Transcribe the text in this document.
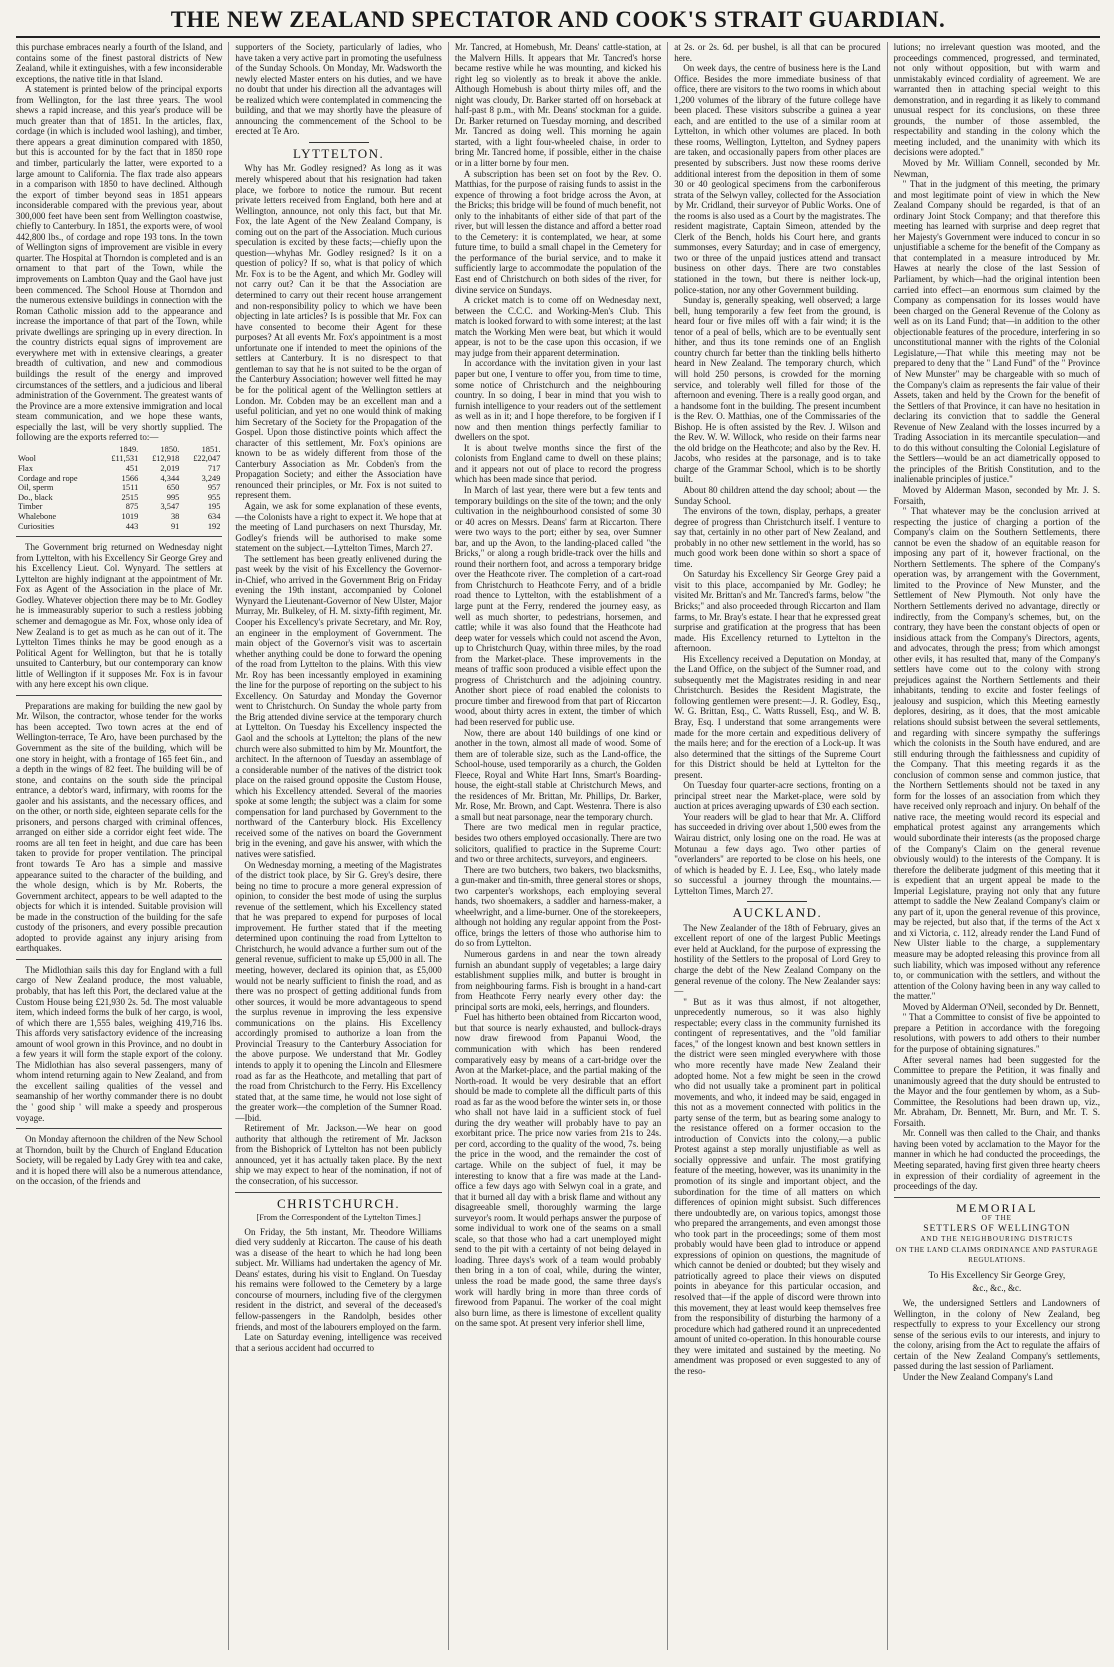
THE NEW ZEALAND SPECTATOR AND COOK'S STRAIT GUARDIAN.

this purchase embraces nearly a fourth of the Island, and contains some of the finest pastoral districts of New Zealand, while it extinguishes, with a few inconsiderable exceptions, the native title in that Island.

A statement is printed below of the principal exports from Wellington, for the last three years. The wool shews a rapid increase, and this year's produce will be much greater than that of 1851. In the articles, flax, cordage (in which is included wool lashing), and timber, there appears a great diminution compared with 1850, but this is accounted for by the fact that in 1850 rope and timber, particularly the latter, were exported to a large amount to California. The flax trade also appears in a comparison with 1850 to have declined. Although the export of timber beyond seas in 1851 appears inconsiderable compared with the previous year, about 300,000 feet have been sent from Wellington coastwise, chiefly to Canterbury. In 1851, the exports were, of wool 442,800 lbs., of cordage and rope 193 tons. In the town of Wellington signs of improvement are visible in every quarter. The Hospital at Thorndon is completed and is an ornament to that part of the Town, while the improvements on Lambton Quay and the Gaol have just been commenced. The School House at Thorndon and the numerous extensive buildings in connection with the Roman Catholic mission add to the appearance and increase the importance of that part of the Town, while private dwellings are springing up in every direction. In the country districts equal signs of improvement are everywhere met with in extensive clearings, a greater breadth of cultivation, and new and commodious buildings the result of the energy and improved circumstances of the settlers, and a judicious and liberal administration of the Government. The greatest wants of the Province are a more extensive immigration and local steam communication, and we hope these wants, especially the last, will be very shortly supplied. The following are the exports referred to:—

	1849.	1850.	1851.
Wool	£11,531	£12,918	£22,047
Flax	451	2,019	717
Cordage and rope	1566	4,344	3,249
Oil, sperm	1511	650	957
Do., black	2515	995	955
Timber	875	3,547	195
Whalebone	1019	38	634
Curiosities	443	91	192

The Government brig returned on Wednesday night from Lyttelton, with his Excellency Sir George Grey and his Excellency Lieut. Col. Wynyard. The settlers at Lyttelton are highly indignant at the appointment of Mr. Fox as Agent of the Association in the place of Mr. Godley. Whatever objection there may be to Mr. Godley he is immeasurably superior to such a restless jobbing schemer and demagogue as Mr. Fox, whose only idea of New Zealand is to get as much as he can out of it. The Lyttelton Times thinks he may be good enough as a Political Agent for Wellington, but that he is totally unsuited to Canterbury, but our contemporary can know little of Wellington if it supposes Mr. Fox is in favour with any here except his own clique.

Preparations are making for building the new gaol by Mr. Wilson, the contractor, whose tender for the works has been accepted. Two town acres at the end of Wellington-terrace, Te Aro, have been purchased by the Government as the site of the building, which will be one story in height, with a frontage of 165 feet 6in., and a depth in the wings of 82 feet. The building will be of stone, and contains on the south side the principal entrance, a debtor's ward, infirmary, with rooms for the gaoler and his assistants, and the necessary offices, and on the other, or north side, eighteen separate cells for the prisoners, and persons charged with criminal offences, arranged on either side a corridor eight feet wide. The rooms are all ten feet in height, and due care has been taken to provide for proper ventilation. The principal front towards Te Aro has a simple and massive appearance suited to the character of the building, and the whole design, which is by Mr. Roberts, the Government architect, appears to be well adapted to the objects for which it is intended. Suitable provision will be made in the construction of the building for the safe custody of the prisoners, and every possible precaution adopted to provide against any injury arising from earthquakes.

The Midlothian sails this day for England with a full cargo of New Zealand produce, the most valuable, probably, that has left this Port, the declared value at the Custom House being £21,930 2s. 5d. The most valuable item, which indeed forms the bulk of her cargo, is wool, of which there are 1,555 bales, weighing 419,716 lbs. This affords very satisfactory evidence of the increasing amount of wool grown in this Province, and no doubt in a few years it will form the staple export of the colony. The Midlothian has also several passengers, many of whom intend returning again to New Zealand, and from the excellent sailing qualities of the vessel and seamanship of her worthy commander there is no doubt the ' good ship ' will make a speedy and prosperous voyage.

On Monday afternoon the children of the New School at Thorndon, built by the Church of England Education Society, will be regaled by Lady Grey with tea and cake, and it is hoped there will also be a numerous attendance, on the occasion, of the friends and

supporters of the Society, particularly of ladies, who have taken a very active part in promoting the usefulness of the Sunday Schools. On Monday, Mr. Wadsworth the newly elected Master enters on his duties, and we have no doubt that under his direction all the advantages will be realized which were contemplated in commencing the building, and that we may shortly have the pleasure of announcing the commencement of the School to be erected at Te Aro.

LYTTELTON.

Why has Mr. Godley resigned? As long as it was merely whispered about that his resignation had taken place, we forbore to notice the rumour. But recent private letters received from England, both here and at Wellington, announce, not only this fact, but that Mr. Fox, the late Agent of the New Zealand Company, is coming out on the part of the Association. Much curious speculation is excited by these facts;—chiefly upon the question—whyhas Mr. Godley resigned? Is it on a question of policy? If so, what is that policy of which Mr. Fox is to be the Agent, and which Mr. Godley will not carry out? Can it be that the Association are determined to carry out their recent house arrangement and non-responsibility policy to which we have been objecting in late articles? Is is possible that Mr. Fox can have consented to become their Agent for these purposes? At all events Mr. Fox's appointment is a most unfortunate one if intended to meet the opinions of the settlers at Canterbury. It is no disrespect to that gentleman to say that he is not suited to be the organ of the Canterbury Association; however well fitted he may be for the political agent of the Wellington settlers at London. Mr. Cobden may be an excellent man and a useful politician, and yet no one would think of making him Secretary of the Society for the Propagation of the Gospel. Upon those distinctive points which affect the character of this settlement, Mr. Fox's opinions are known to be as widely different from those of the Canterbury Association as Mr. Cobden's from the Propagation Society; and either the Association have renounced their principles, or Mr. Fox is not suited to represent them.

Again, we ask for some explanation of these events,—the Colonists have a right to expect it. We hope that at the meeting of Land purchasers on next Thursday, Mr. Godley's friends will be authorised to make some statement on the subject.—Lyttelton Times, March 27.

The settlement has been greatly enlivened during the past week by the visit of his Excellency the Governor-in-Chief, who arrived in the Government Brig on Friday evening the 19th instant, accompanied by Colonel Wynyard the Lieutenant-Governor of New Ulster, Major Murray, Mr. Bulkeley, of H. M. sixty-fifth regiment, Mr. Cooper his Excellency's private Secretary, and Mr. Roy, an engineer in the employment of Government. The main object of the Governor's visit was to ascertain whether anything could be done to forward the opening of the road from Lyttelton to the plains. With this view Mr. Roy has been incessantly employed in examining the line for the purpose of reporting on the subject to his Excellency. On Saturday and Monday the Governor went to Christchurch. On Sunday the whole party from the Brig attended divine service at the temporary church at Lyttelton. On Tuesday his Excellency inspected the Gaol and the schools at Lyttelton; the plans of the new church were also submitted to him by Mr. Mountfort, the architect. In the afternoon of Tuesday an assemblage of a considerable number of the natives of the district took place on the raised ground opposite the Custom House, which his Excellency attended. Several of the maories spoke at some length; the subject was a claim for some compensation for land purchased by Government to the northward of the Canterbury block. His Excellency received some of the natives on board the Government brig in the evening, and gave his answer, with which the natives were satisfied.

On Wednesday morning, a meeting of the Magistrates of the district took place, by Sir G. Grey's desire, there being no time to procure a more general expression of opinion, to consider the best mode of using the surplus revenue of the settlement, which his Excellency stated that he was prepared to expend for purposes of local improvement. He further stated that if the meeting determined upon continuing the road from Lyttelton to Christchurch, he would advance a further sum out of the general revenue, sufficient to make up £5,000 in all. The meeting, however, declared its opinion that, as £5,000 would not be nearly sufficient to finish the road, and as there was no prospect of getting additional funds from other sources, it would be more advantageous to spend the surplus revenue in improving the less expensive communications on the plains. His Excellency accordingly promised to authorize a loan from the Provincial Treasury to the Canterbury Association for the above purpose. We understand that Mr. Godley intends to apply it to opening the Lincoln and Ellesmere road as far as the Heathcote, and metalling that part of the road from Christchurch to the Ferry. His Excellency stated that, at the same time, he would not lose sight of the greater work—the completion of the Sumner Road.—Ibid.

Retirement of Mr. Jackson.—We hear on good authority that although the retirement of Mr. Jackson from the Bishoprick of Lyttelton has not been publicly announced, yet it has actually taken place. By the next ship we may expect to hear of the nomination, if not of the consecration, of his successor.

CHRISTCHURCH.
[From the Correspondent of the Lyttelton Times.]

On Friday, the 5th instant, Mr. Theodore Williams died very suddenly at Riccarton. The cause of his death was a disease of the heart to which he had long been subject. Mr. Williams had undertaken the agency of Mr. Deans' estates, during his visit to England. On Tuesday his remains were followed to the Cemetery by a large concourse of mourners, including five of the clergymen resident in the district, and several of the deceased's fellow-passengers in the Randolph, besides other friends, and most of the labourers employed on the farm.

Late on Saturday evening, intelligence was received that a serious accident had occurred to

Mr. Tancred, at Homebush, Mr. Deans' cattle-station, at the Malvern Hills. It appears that Mr. Tancred's horse became restive while he was mounting, and kicked his right leg so violently as to break it above the ankle. Although Homebush is about thirty miles off, and the night was cloudy, Dr. Barker started off on horseback at half-past 8 p.m., with Mr. Deans' stockman for a guide. Dr. Barker returned on Tuesday morning, and described Mr. Tancred as doing well. This morning he again started, with a light four-wheeled chaise, in order to bring Mr. Tancred home, if possible, either in the chaise or in a litter borne by four men.

A subscription has been set on foot by the Rev. O. Matthias, for the purpose of raising funds to assist in the expence of throwing a foot bridge across the Avon, at the Bricks; this bridge will be found of much benefit, not only to the inhabitants of either side of that part of the river, but will lessen the distance and afford a better road to the Cemetery: it is contemplated, we hear, at some future time, to build a small chapel in the Cemetery for the performance of the burial service, and to make it sufficiently large to accommodate the population of the East end of Christchurch on both sides of the river, for divine service on Sundays.

A cricket match is to come off on Wednesday next, between the C.C.C. and Working-Men's Club. This match is looked forward to with some interest; at the last match the Working Men were beat, but which it would appear, is not to be the case upon this occasion, if we may judge from their apparent determination.

In accordance with the invitation given in your last paper but one, I venture to offer you, from time to time, some notice of Christchurch and the neighbouring country. In so doing, I bear in mind that you wish to furnish intelligence to your readers out of the settlement as well as in it; and I hope therefore, to be forgiven if I now and then mention things perfectly familiar to dwellers on the spot.

It is about twelve months since the first of the colonists from England came to dwell on these plains; and it appears not out of place to record the progress which has been made since that period.

In March of last year, there were but a few tents and temporary buildings on the site of the town; and the only cultivation in the neighbourhood consisted of some 30 or 40 acres on Messrs. Deans' farm at Riccarton. There were two ways to the port; either by sea, over Sumner bar, and up the Avon, to the landing-placed called "the Bricks," or along a rough bridle-track over the hills and round their northern foot, and across a temporary bridge over the Heathcote river. The completion of a cart-road from Christchurch to Heathcote Ferry, and of a bridle road thence to Lyttelton, with the establishment of a large punt at the Ferry, rendered the journey easy, as well as much shorter, to pedestrians, horsemen, and cattle; while it was also found that the Heathcote had deep water for vessels which could not ascend the Avon, up to Christchurch Quay, within three miles, by the road from the Market-place. These improvements in the means of traffic soon produced a visible effect upon the progress of Christchurch and the adjoining country. Another short piece of road enabled the colonists to procure timber and firewood from that part of Riccarton wood, about thirty acres in extent, the timber of which had been reserved for public use.

Now, there are about 140 buildings of one kind or another in the town, almost all made of wood. Some of them are of tolerable size, such as the Land-office, the School-house, used temporarily as a church, the Golden Fleece, Royal and White Hart Inns, Smart's Boarding-house, the eight-stall stable at Christchurch Mews, and the residences of Mr. Brittan, Mr. Phillips, Dr. Barker, Mr. Rose, Mr. Brown, and Capt. Westenra. There is also a small but neat parsonage, near the temporary church.

There are two medical men in regular practice, besides two others employed occasionally. There are two solicitors, qualified to practice in the Supreme Court: and two or three architects, surveyors, and engineers.

There are two butchers, two bakers, two blacksmiths, a gun-maker and tin-smith, three general stores or shops, two carpenter's workshops, each employing several hands, two shoemakers, a saddler and harness-maker, a wheelwright, and a lime-burner. One of the storekeepers, although not holding any regular appoint from the Post-office, brings the letters of those who authorise him to do so from Lyttelton.

Numerous gardens in and near the town already furnish an abundant supply of vegetables; a large dairy establishment supplies milk, and butter is brought in from neighbouring farms. Fish is brought in a hand-cart from Heathcote Ferry nearly every other day: the principal sorts are moki, eels, herrings, and flounders.

Fuel has hitherto been obtained from Riccarton wood, but that source is nearly exhausted, and bullock-drays now draw firewood from Papanui Wood, the communication with which has been rendered comparatively easy by means of a cart-bridge over the Avon at the Market-place, and the partial making of the North-road. It would be very desirable that an effort should be made to complete all the difficult parts of this road as far as the wood before the winter sets in, or those who shall not have laid in a sufficient stock of fuel during the dry weather will probably have to pay an exorbitant price. The price now varies from 21s to 24s. per cord, according to the quality of the wood, 7s. being the price in the wood, and the remainder the cost of cartage. While on the subject of fuel, it may be interesting to know that a fire was made at the Land-office a few days ago with Selwyn coal in a grate, and that it burned all day with a brisk flame and without any disagreeable smell, thoroughly warming the large surveyor's room. It would perhaps answer the purpose of some individual to work one of the seams on a small scale, so that those who had a cart unemployed might send to the pit with a certainty of not being delayed in loading. Three days's work of a team would probably then bring in a ton of coal, while, during the winter, unless the road be made good, the same three days's work will hardly bring in more than three cords of firewood from Papanui. The worker of the coal might also burn lime, as there is limestone of excellent quality on the same spot. At present very inferior shell lime,

at 2s. or 2s. 6d. per bushel, is all that can be procured here.

On week days, the centre of business here is the Land Office. Besides the more immediate business of that office, there are visitors to the two rooms in which about 1,200 volumes of the library of the future college have been placed. These visitors subscribe a guinea a year each, and are entitled to the use of a similar room at Lyttelton, in which other volumes are placed. In both these rooms, Wellington, Lyttelton, and Sydney papers are taken, and occasionally papers from other places are presented by subscribers. Just now these rooms derive additional interest from the deposition in them of some 30 or 40 geological specimens from the carboniferous strata of the Selwyn valley, collected for the Association by Mr. Cridland, their surveyor of Public Works. One of the rooms is also used as a Court by the magistrates. The resident magistrate, Captain Simeon, attended by the Clerk of the Bench, holds his Court here, and grants summonses, every Saturday; and in case of emergency, two or three of the unpaid justices attend and transact business on other days. There are two constables stationed in the town, but there is neither lock-up, police-station, nor any other Government building.

Sunday is, generally speaking, well observed; a large bell, hung temporarily a few feet from the ground, is heard four or five miles off with a fair wind; it is the tenor of a peal of bells, which are to be eventually sent hither, and thus its tone reminds one of an English country church far better than the tinkling bells hitherto heard in New Zealand. The temporary church, which will hold 250 persons, is crowded for the morning service, and tolerably well filled for those of the afternoon and evening. There is a really good organ, and a handsome font in the building. The present incumbent is the Rev. O. Matthias, one of the Commissaries of the Bishop. He is often assisted by the Rev. J. Wilson and the Rev. W. W. Willock, who reside on their farms near the old bridge on the Heathcote; and also by the Rev. H. Jacobs, who resides at the parsonage, and is to take charge of the Grammar School, which is to be shortly built.

About 80 children attend the day school; about — the Sunday School.

The environs of the town, display, perhaps, a greater degree of progress than Christchurch itself. I venture to say that, certainly in no other part of New Zealand, and probably in no other new settlement in the world, has so much good work been done within so short a space of time.

On Saturday his Excellency Sir George Grey paid a visit to this place, accompanied by Mr. Godley; he visited Mr. Brittan's and Mr. Tancred's farms, below "the Bricks;" and also proceeded through Riccarton and Ilam farms, to Mr. Bray's estate. I hear that he expressed great surprise and gratification at the progress that has been made. His Excellency returned to Lyttelton in the afternoon.

His Excellency received a Deputation on Monday, at the Land Office, on the subject of the Sumner road, and subsequently met the Magistrates residing in and near Christchurch. Besides the Resident Magistrate, the following gentlemen were present:—J. R. Godley, Esq., W. G. Brittan, Esq., C. Watts Russell, Esq., and W. B. Bray, Esq. I understand that some arrangements were made for the more certain and expeditious delivery of the mails here; and for the erection of a Lock-up. It was also determined that the sittings of the Supreme Court for this District should be held at Lyttelton for the present.

On Tuesday four quarter-acre sections, fronting on a principal street near the Market-place, were sold by auction at prices averaging upwards of £30 each section.

Your readers will be glad to hear that Mr. A. Clifford has succeeded in driving over about 1,500 ewes from the Wairau district, only losing one on the road. He was at Motunau a few days ago. Two other parties of "overlanders" are reported to be close on his heels, one of which is headed by E. J. Lee, Esq., who lately made so successful a journey through the mountains.—Lyttelton Times, March 27.

AUCKLAND.

The New Zealander of the 18th of February, gives an excellent report of one of the largest Public Meetings ever held at Auckland, for the purpose of expressing the hostility of the Settlers to the proposal of Lord Grey to charge the debt of the New Zealand Company on the general revenue of the colony. The New Zealander says:—

" But as it was thus almost, if not altogether, unprecedently numerous, so it was also highly respectable; every class in the community furnished its contingent of representatives, and the "old familiar faces," of the longest known and best known settlers in the district were seen mingled everywhere with those who more recently have made New Zealand their adopted home. Not a few might be seen in the crowd who did not usually take a prominent part in political movements, and who, it indeed may be said, engaged in this not as a movement connected with politics in the party sense of the term, but as bearing some analogy to the resistance offered on a former occasion to the introduction of Convicts into the colony,—a public Protest against a step morally unjustifiable as well as socially oppressive and unfair. The most gratifying feature of the meeting, however, was its unanimity in the promotion of its single and important object, and the subordination for the time of all matters on which differences of opinion might subsist. Such differences there undoubtedly are, on various topics, amongst those who prepared the arrangements, and even amongst those who took part in the proceedings; some of them most probably would have been glad to introduce or append expressions of opinion on questions, the magnitude of which cannot be denied or doubted; but they wisely and patriotically agreed to place their views on disputed points in abeyance for this particular occasion, and resolved that—if the apple of discord were thrown into this movement, they at least would keep themselves free from the responsibility of disturbing the harmony of a procedure which had gathered round it an unprecedented amount of united co-operation. In this honourable course they were imitated and sustained by the meeting. No amendment was proposed or even suggested to any of the reso-

lutions; no irrelevant question was mooted, and the proceedings commenced, progressed, and terminated, not only without opposition, but with warm and unmistakably evinced cordiality of agreement. We are warranted then in attaching special weight to this demonstration, and in regarding it as likely to command unusual respect for its conclusions, on these three grounds, the number of those assembled, the respectability and standing in the colony which the meeting included, and the unanimity with which its decisions were adopted."

Moved by Mr. William Connell, seconded by Mr. Newman,

" That in the judgment of this meeting, the primary and most legitimate point of view in which the New Zealand Company should be regarded, is that of an ordinary Joint Stock Company; and that therefore this meeting has learned with surprise and deep regret that her Majesty's Government were induced to concur in so unjustifiable a scheme for the benefit of the Company as that contemplated in a measure introduced by Mr. Hawes at nearly the close of the last Session of Parliament, by which—had the original intention been carried into effect—an enormous sum claimed by the Company as compensation for its losses would have been charged on the General Revenue of the Colony as well as on its Land Fund; that—in addition to the other objectionable features of the procedure, interfering in so unconstitutional manner with the rights of the Colonial Legislature,—That while this meeting may not be prepared to deny that the " Land Fund" of the " Province of New Munster" may be chargeable with so much of the Company's claim as represents the fair value of their Assets, taken and held by the Crown for the benefit of the Settlers of that Province, it can have no hesitation in declaring its conviction that to saddle the General Revenue of New Zealand with the losses incurred by a Trading Association in its mercantile speculation—and to do this without consulting the Colonial Legislature of the Settlers—would be an act diametrically opposed to the principles of the British Constitution, and to the inalienable principles of justice."

Moved by Alderman Mason, seconded by Mr. J. S. Forsaith,

" That whatever may be the conclusion arrived at respecting the justice of charging a portion of the Company's claim on the Southern Settlements, there cannot be even the shadow of an equitable reason for imposing any part of it, however fractional, on the Northern Settlements. The sphere of the Company's operation was, by arrangement with the Government, limited to the Province of New Munster, and the Settlement of New Plymouth. Not only have the Northern Settlements derived no advantage, directly or indirectly, from the Company's schemes, but, on the contrary, they have been the constant objects of open or insidious attack from the Company's Directors, agents, and advocates, through the press; from which amongst other evils, it has resulted that, many of the Company's settlers have come out to the colony with strong prejudices against the Northern Settlements and their inhabitants, tending to excite and foster feelings of jealousy and suspicion, which this Meeting earnestly deplores, desiring, as it does, that the most amicable relations should subsist between the several settlements, and regarding with sincere sympathy the sufferings which the colonists in the South have endured, and are still enduring through the faithlessness and cupidity of the Company. That this meeting regards it as the conclusion of common sense and common justice, that the Northern Settlements should not be taxed in any form for the losses of an association from which they have received only reproach and injury. On behalf of the native race, the meeting would record its especial and emphatical protest against any arrangements which would subordinate their interests (as the proposed charge of the Company's Claim on the general revenue obviously would) to the interests of the Company. It is therefore the deliberate judgment of this meeting that it is expedient that an urgent appeal be made to the Imperial Legislature, praying not only that any future attempt to saddle the New Zealand Company's claim or any part of it, upon the general revenue of this province, may be rejected, but also that, if the terms of the Act x and xi Victoria, c. 112, already render the Land Fund of New Ulster liable to the charge, a supplementary measure may be adopted releasing this province from all such liability, which was imposed without any reference to, or communication with the settlers, and without the attention of the Colony having been in any way called to the matter."

Moved by Alderman O'Neil, seconded by Dr. Bennett,

" That a Committee to consist of five be appointed to prepare a Petition in accordance with the foregoing resolutions, with powers to add others to their number for the purpose of obtaining signatures."

After several names had been suggested for the Committee to prepare the Petition, it was finally and unanimously agreed that the duty should be entrusted to the Mayor and the four gentlemen by whom, as a Sub-Committee, the Resolutions had been drawn up, viz., Mr. Abraham, Dr. Bennett, Mr. Burn, and Mr. T. S. Forsaith.

Mr. Connell was then called to the Chair, and thanks having been voted by acclamation to the Mayor for the manner in which he had conducted the proceedings, the Meeting separated, having first given three hearty cheers in expression of their cordiality of agreement in the proceedings of the day.

MEMORIAL
OF THE
SETTLERS OF WELLINGTON
AND THE NEIGHBOURING DISTRICTS
ON THE LAND CLAIMS ORDINANCE AND PASTURAGE REGULATIONS.
To His Excellency Sir George Grey,
&c., &c., &c.

We, the undersigned Settlers and Landowners of Wellington, in the colony of New Zealand, beg respectfully to express to your Excellency our strong sense of the serious evils to our interests, and injury to the colony, arising from the Act to regulate the affairs of certain of the New Zealand Company's settlements, passed during the last session of Parliament.

Under the New Zealand Company's Land
